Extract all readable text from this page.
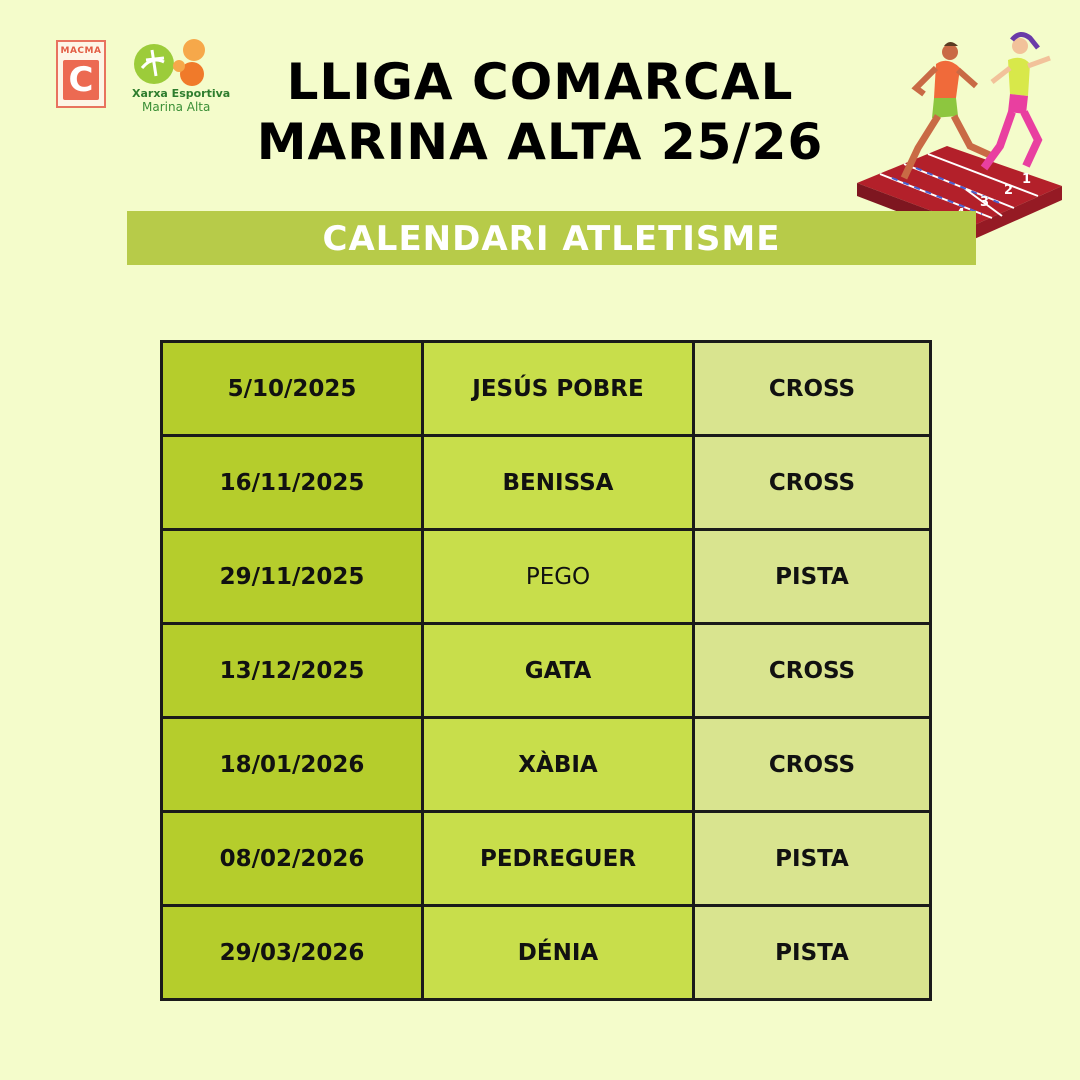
MACMA
C	Xarxa Esportiva
Marina Alta	LLIGA COMARCAL
MARINA ALTA 25/26
1
2
3
CALENDARI ATLETISME
5/10/2025	JESÚS POBRE	CROSS
16/11/2025	BENISSA	CROSS
29/11/2025	PEGO	PISTA
13/12/2025	GATA	CROSS
18/01/2026	XÀBIA	CROSS
08/02/2026	PEDREGUER	PISTA
29/03/2026	DÉNIA	PISTA
